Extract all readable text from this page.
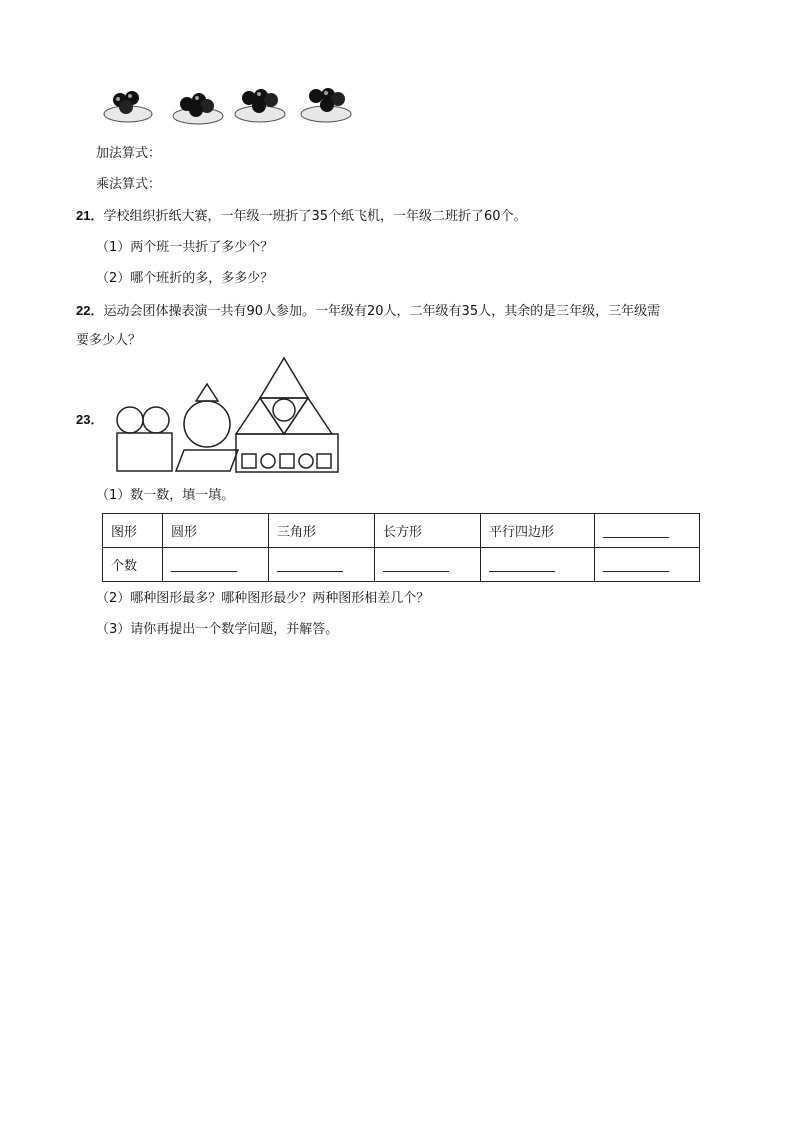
加法算式：
乘法算式：
21．学校组织折纸大赛，一年级一班折了35个纸飞机，一年级二班折了60个。
（1）两个班一共折了多少个？
（2）哪个班折的多，多多少？
22．运动会团体操表演一共有90人参加。一年级有20人，二年级有35人，其余的是三年级，三年级需
要多少人？
23．
（1）数一数，填一填。
图形	圆形	三角形	长方形	平行四边形	
个数					
（2）哪种图形最多？哪种图形最少？两种图形相差几个？
（3）请你再提出一个数学问题，并解答。
